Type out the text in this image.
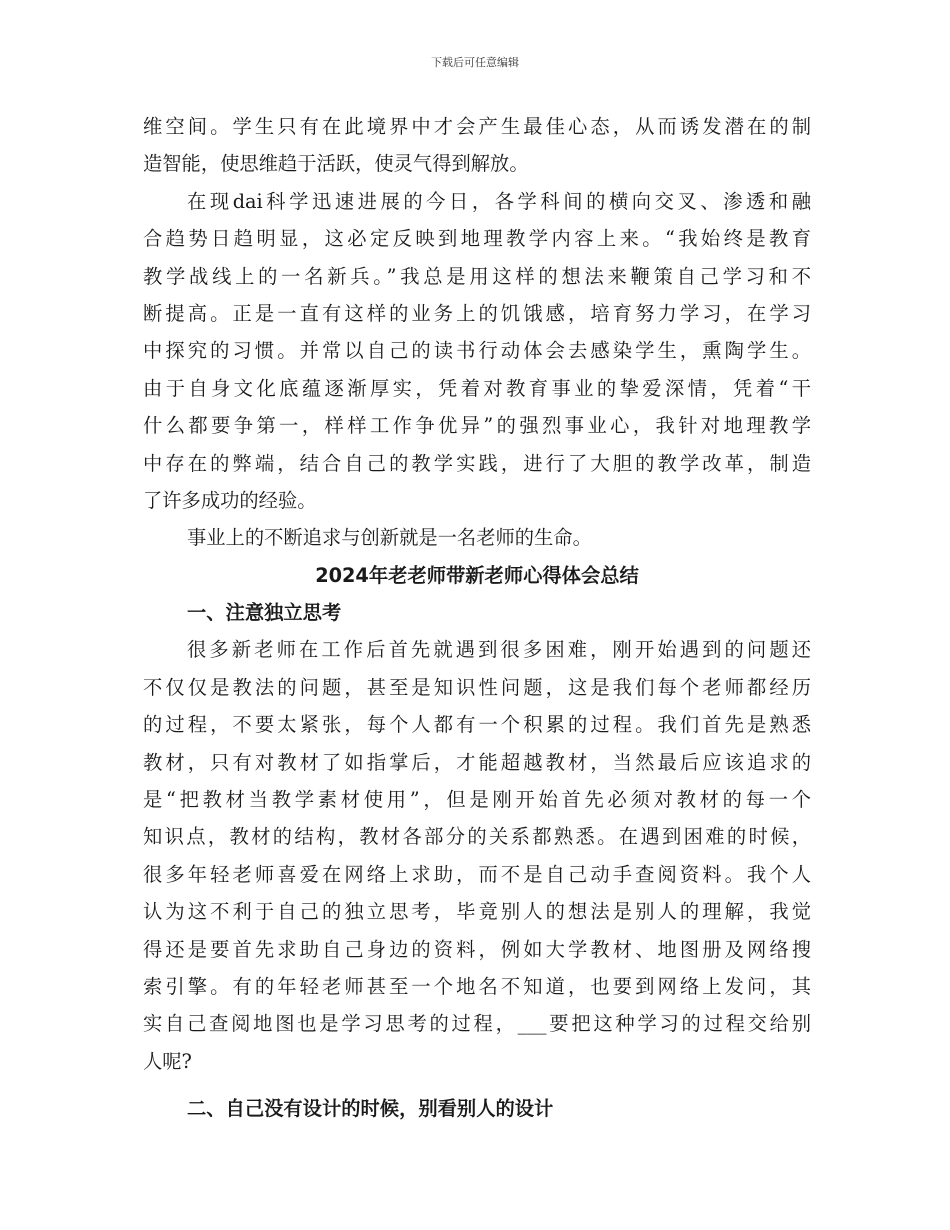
下载后可任意编辑
维空间。学生只有在此境界中才会产生最佳心态，从而诱发潜在的制
造智能，使思维趋于活跃，使灵气得到解放。
在现dai科学迅速进展的今日，各学科间的横向交叉、渗透和融
合趋势日趋明显，这必定反映到地理教学内容上来。“我始终是教育
教学战线上的一名新兵。”我总是用这样的想法来鞭策自己学习和不
断提高。正是一直有这样的业务上的饥饿感，培育努力学习，在学习
中探究的习惯。并常以自己的读书行动体会去感染学生，熏陶学生。
由于自身文化底蕴逐渐厚实，凭着对教育事业的挚爱深情，凭着“干
什么都要争第一，样样工作争优异”的强烈事业心，我针对地理教学
中存在的弊端，结合自己的教学实践，进行了大胆的教学改革，制造
了许多成功的经验。
事业上的不断追求与创新就是一名老师的生命。
2024年老老师带新老师心得体会总结
一、注意独立思考
很多新老师在工作后首先就遇到很多困难，刚开始遇到的问题还
不仅仅是教法的问题，甚至是知识性问题，这是我们每个老师都经历
的过程，不要太紧张，每个人都有一个积累的过程。我们首先是熟悉
教材，只有对教材了如指掌后，才能超越教材，当然最后应该追求的
是“把教材当教学素材使用”，但是刚开始首先必须对教材的每一个
知识点，教材的结构，教材各部分的关系都熟悉。在遇到困难的时候，
很多年轻老师喜爱在网络上求助，而不是自己动手查阅资料。我个人
认为这不利于自己的独立思考，毕竟别人的想法是别人的理解，我觉
得还是要首先求助自己身边的资料，例如大学教材、地图册及网络搜
索引擎。有的年轻老师甚至一个地名不知道，也要到网络上发问，其
实自己查阅地图也是学习思考的过程，___要把这种学习的过程交给别
人呢?
二、自己没有设计的时候，别看别人的设计
